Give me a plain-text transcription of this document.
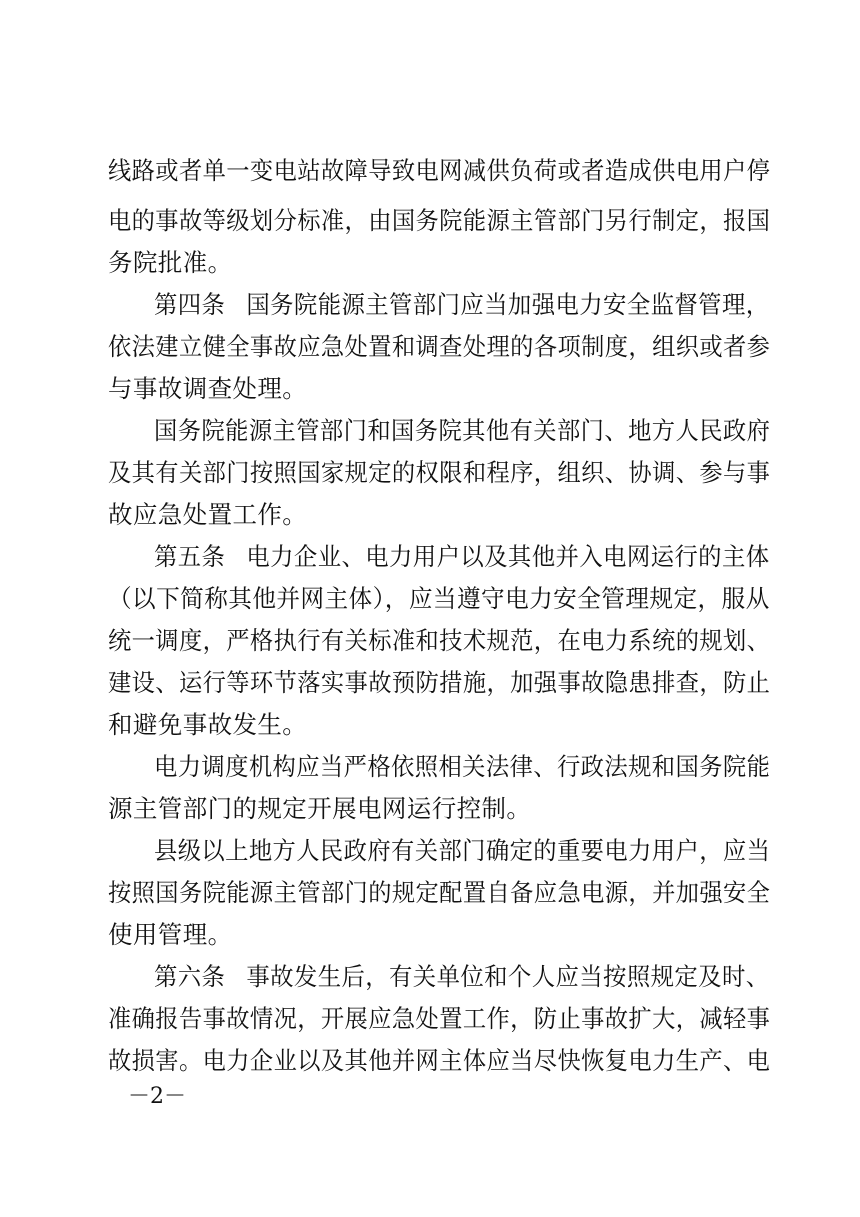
线路或者单一变电站故障导致电网减供负荷或者造成供电用户停
电的事故等级划分标准，由国务院能源主管部门另行制定，报国
务院批准。
第四条 国务院能源主管部门应当加强电力安全监督管理，
依法建立健全事故应急处置和调查处理的各项制度，组织或者参
与事故调查处理。
国务院能源主管部门和国务院其他有关部门、地方人民政府
及其有关部门按照国家规定的权限和程序，组织、协调、参与事
故应急处置工作。
第五条 电力企业、电力用户以及其他并入电网运行的主体
（以下简称其他并网主体），应当遵守电力安全管理规定，服从
统一调度，严格执行有关标准和技术规范，在电力系统的规划、
建设、运行等环节落实事故预防措施，加强事故隐患排查，防止
和避免事故发生。
电力调度机构应当严格依照相关法律、行政法规和国务院能
源主管部门的规定开展电网运行控制。
县级以上地方人民政府有关部门确定的重要电力用户，应当
按照国务院能源主管部门的规定配置自备应急电源，并加强安全
使用管理。
第六条 事故发生后，有关单位和个人应当按照规定及时、
准确报告事故情况，开展应急处置工作，防止事故扩大，减轻事
故损害。电力企业以及其他并网主体应当尽快恢复电力生产、电
－2－
